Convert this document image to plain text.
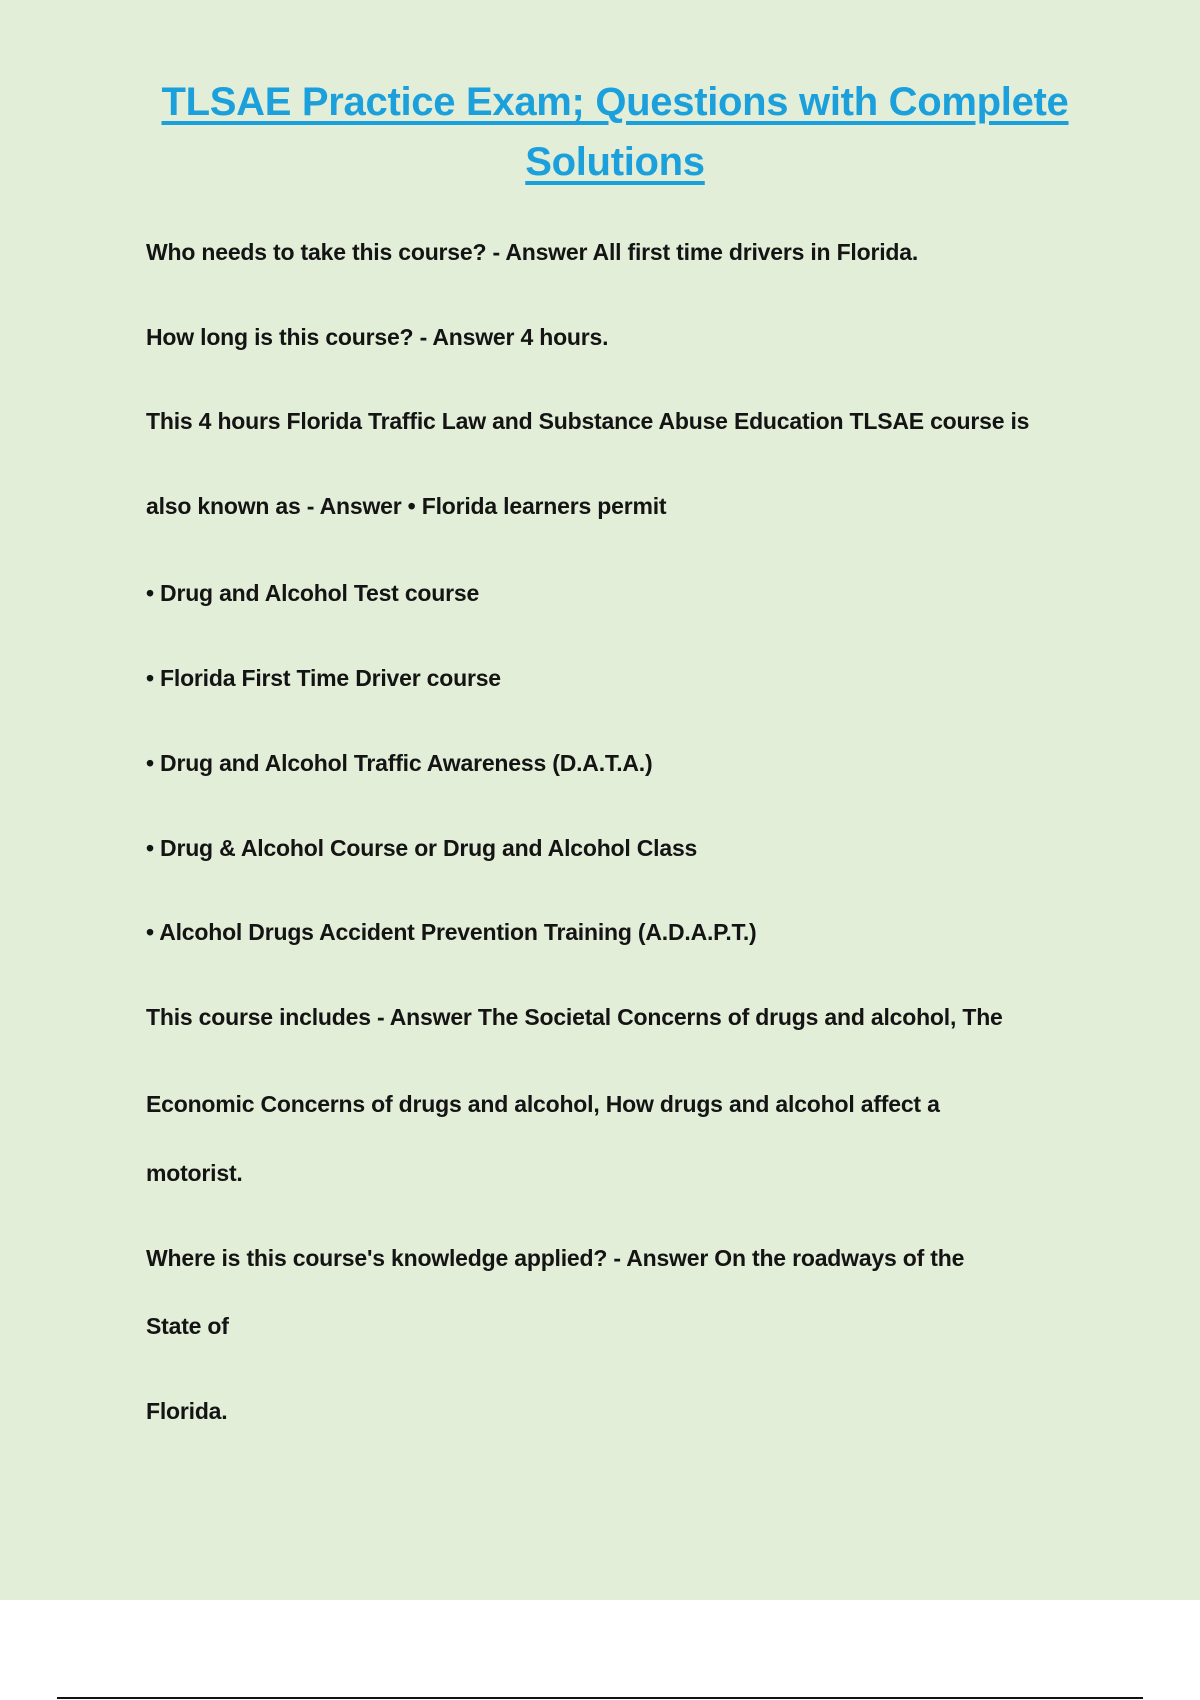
TLSAE Practice Exam; Questions with Complete Solutions

Who needs to take this course? - Answer All first time drivers in Florida.

How long is this course? - Answer 4 hours.

This 4 hours Florida Traffic Law and Substance Abuse Education TLSAE course is

also known as - Answer • Florida learners permit

• Drug and Alcohol Test course

• Florida First Time Driver course

• Drug and Alcohol Traffic Awareness (D.A.T.A.)

• Drug & Alcohol Course or Drug and Alcohol Class

• Alcohol Drugs Accident Prevention Training (A.D.A.P.T.)

This course includes - Answer The Societal Concerns of drugs and alcohol, The

Economic Concerns of drugs and alcohol, How drugs and alcohol affect a

motorist.

Where is this course's knowledge applied? - Answer On the roadways of the

State of

Florida.
